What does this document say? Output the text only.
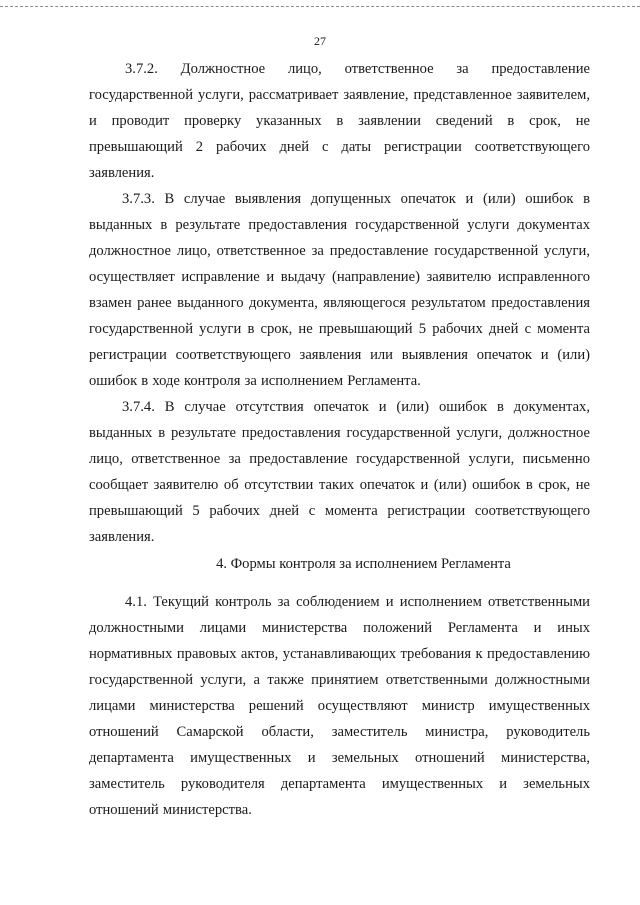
27

3.7.2. Должностное лицо, ответственное за предоставление государственной услуги, рассматривает заявление, представленное заявителем, и проводит проверку указанных в заявлении сведений в срок, не превышающий 2 рабочих дней с даты регистрации соответствующего заявления.

3.7.3. В случае выявления допущенных опечаток и (или) ошибок в выданных в результате предоставления государственной услуги документах должностное лицо, ответственное за предоставление государственной услуги, осуществляет исправление и выдачу (направление) заявителю исправленного взамен ранее выданного документа, являющегося результатом предоставления государственной услуги в срок, не превышающий 5 рабочих дней с момента регистрации соответствующего заявления или выявления опечаток и (или) ошибок в ходе контроля за исполнением Регламента.

3.7.4. В случае отсутствия опечаток и (или) ошибок в документах, выданных в результате предоставления государственной услуги, должностное лицо, ответственное за предоставление государственной услуги, письменно сообщает заявителю об отсутствии таких опечаток и (или) ошибок в срок, не превышающий 5 рабочих дней с момента регистрации соответствующего заявления.

4. Формы контроля за исполнением Регламента

4.1. Текущий контроль за соблюдением и исполнением ответственными должностными лицами министерства положений Регламента и иных нормативных правовых актов, устанавливающих требования к предоставлению государственной услуги, а также принятием ответственными должностными лицами министерства решений осуществляют министр имущественных отношений Самарской области, заместитель министра, руководитель департамента имущественных и земельных отношений министерства, заместитель руководителя департамента имущественных и земельных отношений министерства.
